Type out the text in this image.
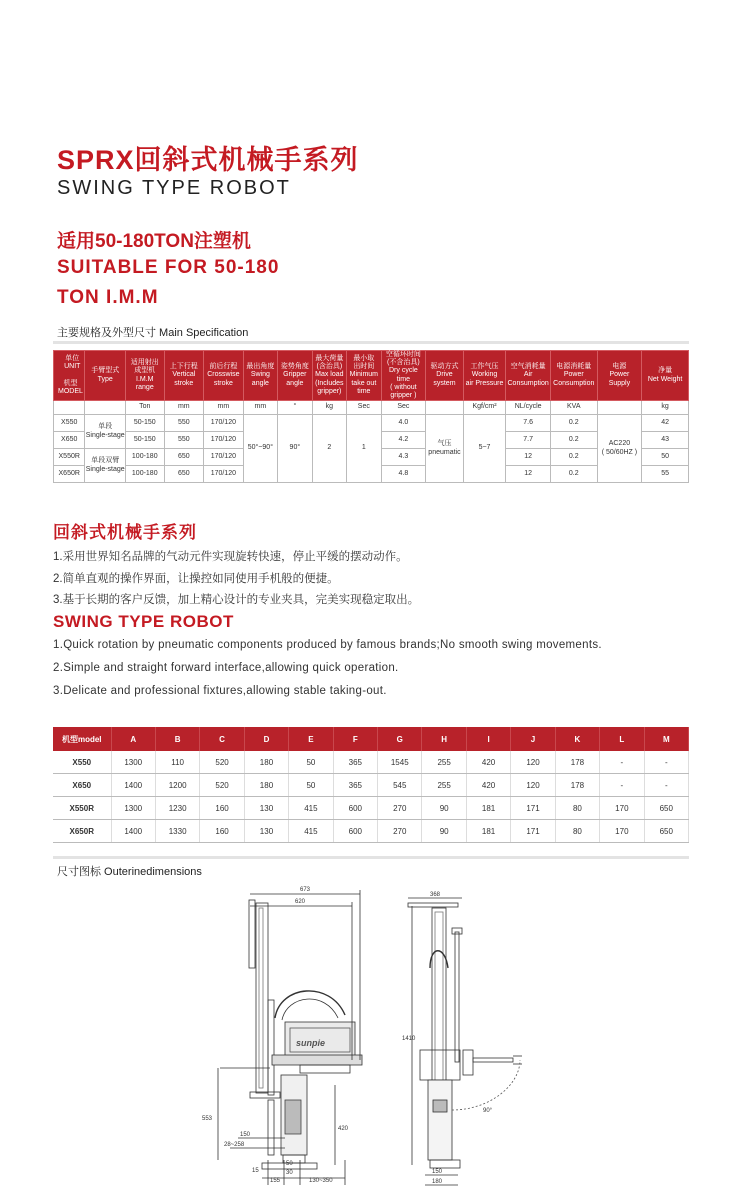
SPRX回斜式机械手系列
SWING TYPE ROBOT
适用50-180TON注塑机
SUITABLE FOR 50-180
TON I.M.M
主要规格及外型尺寸 Main Specification
单位
UNIT
机型
MODEL	手臂型式
Type	适用射出
成型机
I.M.M
range	上下行程
Vertical
stroke	前后行程
Crosswise
stroke	最出角度
Swing
angle	姿势角度
Gripper
angle	最大荷量
(含治具)
Max load
(Includes
gripper)	最小取
出时间
Minimum
take out
time	空循环时间
(不含治具)
Dry cycle time
( without
gripper )	驱动方式
Drive
system	工作气压
Working
air Pressure	空气消耗量
Air
Consumption	电源消耗量
Power
Consumption	电源
Power
Supply	净量
Net Weight
		Ton	mm	mm	mm	°	kg	Sec	Sec		Kgf/cm²	NL/cycle	KVA		kg
X550	单段
Single-stage	50-150	550	170/120	50°~90°	90°	2	1	4.0	气压
pneumatic	5~7	7.6	0.2	AC220
( 50/60HZ )	42
X650		50-150	550	170/120					4.2			7.7	0.2		43
X550R	单段双臂
Single-stage	100-180	650	170/120					4.3			12	0.2		50
X650R		100-180	650	170/120					4.8			12	0.2		55
回斜式机械手系列
1.采用世界知名品牌的气动元件实现旋转快速，停止平缓的摆动动作。
2.简单直观的操作界面，让操控如同使用手机般的便捷。
3.基于长期的客户反馈，加上精心设计的专业夹具，完美实现稳定取出。
SWING TYPE ROBOT
1.Quick rotation by pneumatic components produced by famous brands;No smooth swing movements.
2.Simple and straight forward interface,allowing quick operation.
3.Delicate and professional fixtures,allowing stable taking-out.
机型model	A	B	C	D	E	F	G	H	I	J	K	L	M
X550	1300	110	520	180	50	365	1545	255	420	120	178	-	-
X650	1400	1200	520	180	50	365	545	255	420	120	178	-	-
X550R	1300	1230	160	130	415	600	270	90	181	171	80	170	650
X650R	1400	1330	160	130	415	600	270	90	181	171	80	170	650
尺寸图标 Outerinedimensions
673
620
553
150
28~258
15
50
30
155	130~350
420
368
1410
150
180
90°
sunpie
